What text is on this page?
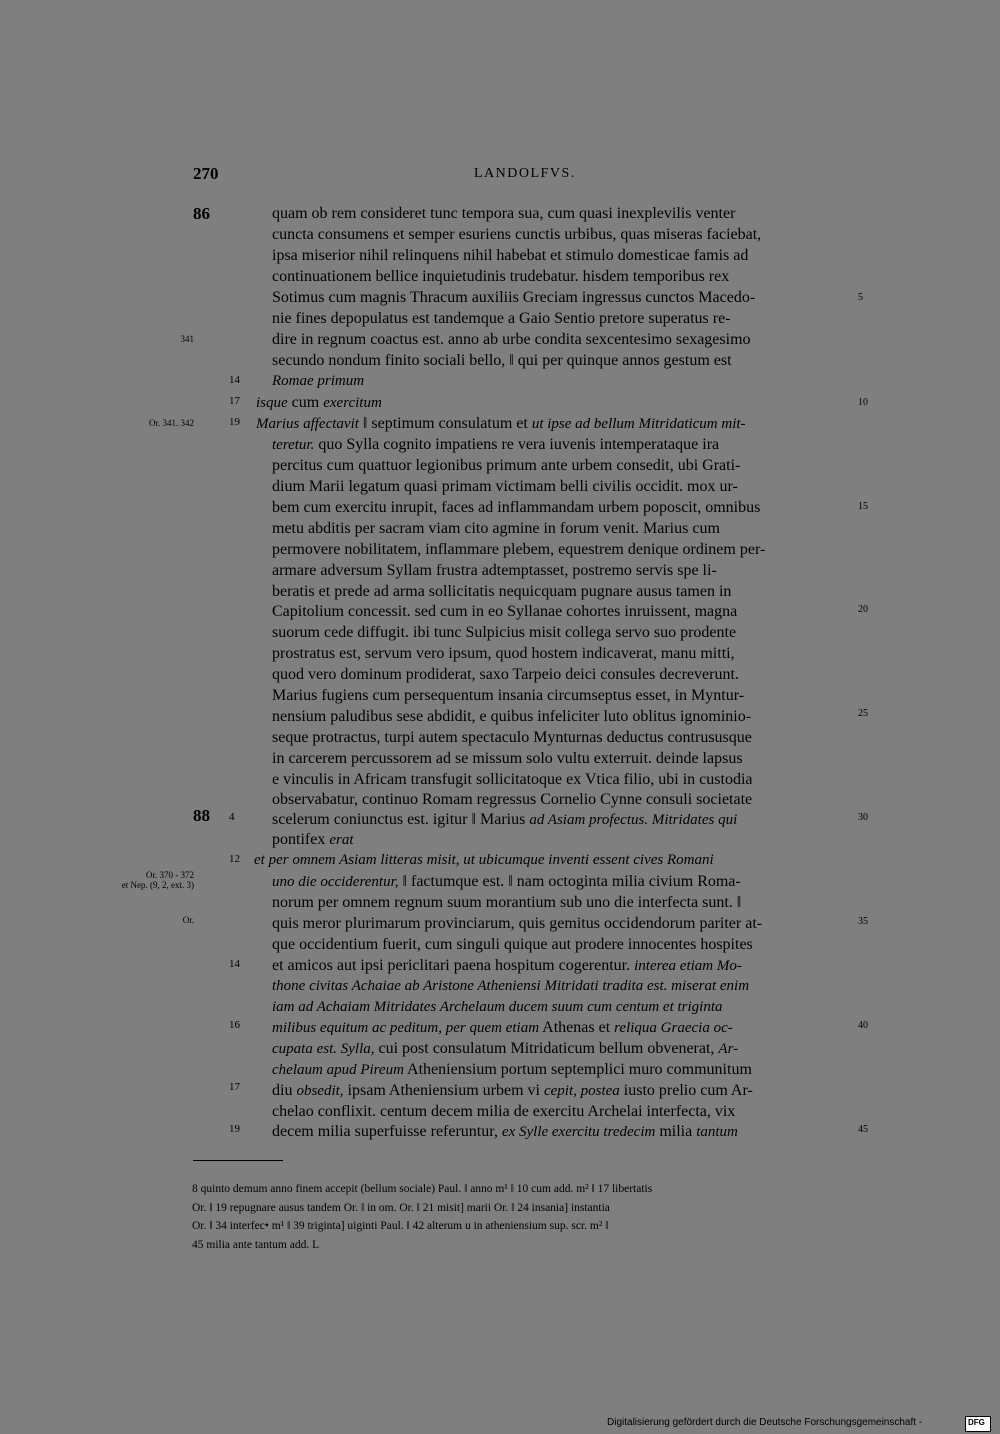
270	LANDOLFVS.
86
88
341
Or. 341. 342
Or. 370 - 372
et Nep. (9, 2, ext. 3)
Or.
14
17
19
4
12
14
16
17
19
5
10
15
20
25
30
35
40
45
quam ob rem consideret tunc tempora sua, cum quasi inexplevilis venter
cuncta consumens et semper esuriens cunctis urbibus, quas miseras faciebat,
ipsa miserior nihil relinquens nihil habebat et stimulo domesticae famis ad
continuationem bellice inquietudinis trudebatur. hisdem temporibus rex
Sotimus cum magnis Thracum auxiliis Greciam ingressus cunctos Macedo-
nie fines depopulatus est tandemque a Gaio Sentio pretore superatus re-
dire in regnum coactus est. anno ab urbe condita sexcentesimo sexagesimo
secundo nondum finito sociali bello, ‖ qui per quinque annos gestum est
Romae primum
isque cum exercitum
Marius affectavit ‖ septimum consulatum et ut ipse ad bellum Mitridaticum mit-
teretur. quo Sylla cognito impatiens re vera iuvenis intemperataque ira
percitus cum quattuor legionibus primum ante urbem consedit, ubi Grati-
dium Marii legatum quasi primam victimam belli civilis occidit. mox ur-
bem cum exercitu inrupit, faces ad inflammandam urbem poposcit, omnibus
metu abditis per sacram viam cito agmine in forum venit. Marius cum
permovere nobilitatem, inflammare plebem, equestrem denique ordinem per-
armare adversum Syllam frustra adtemptasset, postremo servis spe li-
beratis et prede ad arma sollicitatis nequicquam pugnare ausus tamen in
Capitolium concessit. sed cum in eo Syllanae cohortes inruissent, magna
suorum cede diffugit. ibi tunc Sulpicius misit collega servo suo prodente
prostratus est, servum vero ipsum, quod hostem indicaverat, manu mitti,
quod vero dominum prodiderat, saxo Tarpeio deici consules decreverunt.
Marius fugiens cum persequentum insania circumseptus esset, in Myntur-
nensium paludibus sese abdidit, e quibus infeliciter luto oblitus ignominio-
seque protractus, turpi autem spectaculo Mynturnas deductus contrususque
in carcerem percussorem ad se missum solo vultu exterruit. deinde lapsus
e vinculis in Africam transfugit sollicitatoque ex Vtica filio, ubi in custodia
observabatur, continuo Romam regressus Cornelio Cynne consuli societate
scelerum coniunctus est. igitur ‖ Marius ad Asiam profectus. Mitridates qui
pontifex erat
et per omnem Asiam litteras misit, ut ubicumque inventi essent cives Romani
uno die occiderentur, ‖ factumque est. ‖ nam octoginta milia civium Roma-
norum per omnem regnum suum morantium sub uno die interfecta sunt. ‖
quis meror plurimarum provinciarum, quis gemitus occidendorum pariter at-
que occidentium fuerit, cum singuli quique aut prodere innocentes hospites
et amicos aut ipsi periclitari paena hospitum cogerentur. interea etiam Mo-
thone civitas Achaiae ab Aristone Atheniensi Mitridati tradita est. miserat enim
iam ad Achaiam Mitridates Archelaum ducem suum cum centum et triginta
milibus equitum ac peditum, per quem etiam Athenas et reliqua Graecia oc-
cupata est. Sylla, cui post consulatum Mitridaticum bellum obvenerat, Ar-
chelaum apud Pireum Atheniensium portum septemplici muro communitum
diu obsedit, ipsam Atheniensium urbem vi cepit, postea iusto prelio cum Ar-
chelao conflixit. centum decem milia de exercitu Archelai interfecta, vix
decem milia superfuisse referuntur, ex Sylle exercitu tredecim milia tantum
8 quinto demum anno finem accepit (bellum sociale) Paul. ‖ anno m¹ ‖ 10 cum add. m² ‖ 17 libertatis
Or. ‖ 19 repugnare ausus tandem Or. ‖ in om. Or. ‖ 21 misit] marii Or. ‖ 24 insania] instantia
Or. ‖ 34 interfec• m¹ ‖ 39 triginta] uiginti Paul. ‖ 42 alterum u in atheniensium sup. scr. m² ‖
45 milia ante tantum add. L
Digitalisierung gefördert durch die Deutsche Forschungsgemeinschaft -	DFG
